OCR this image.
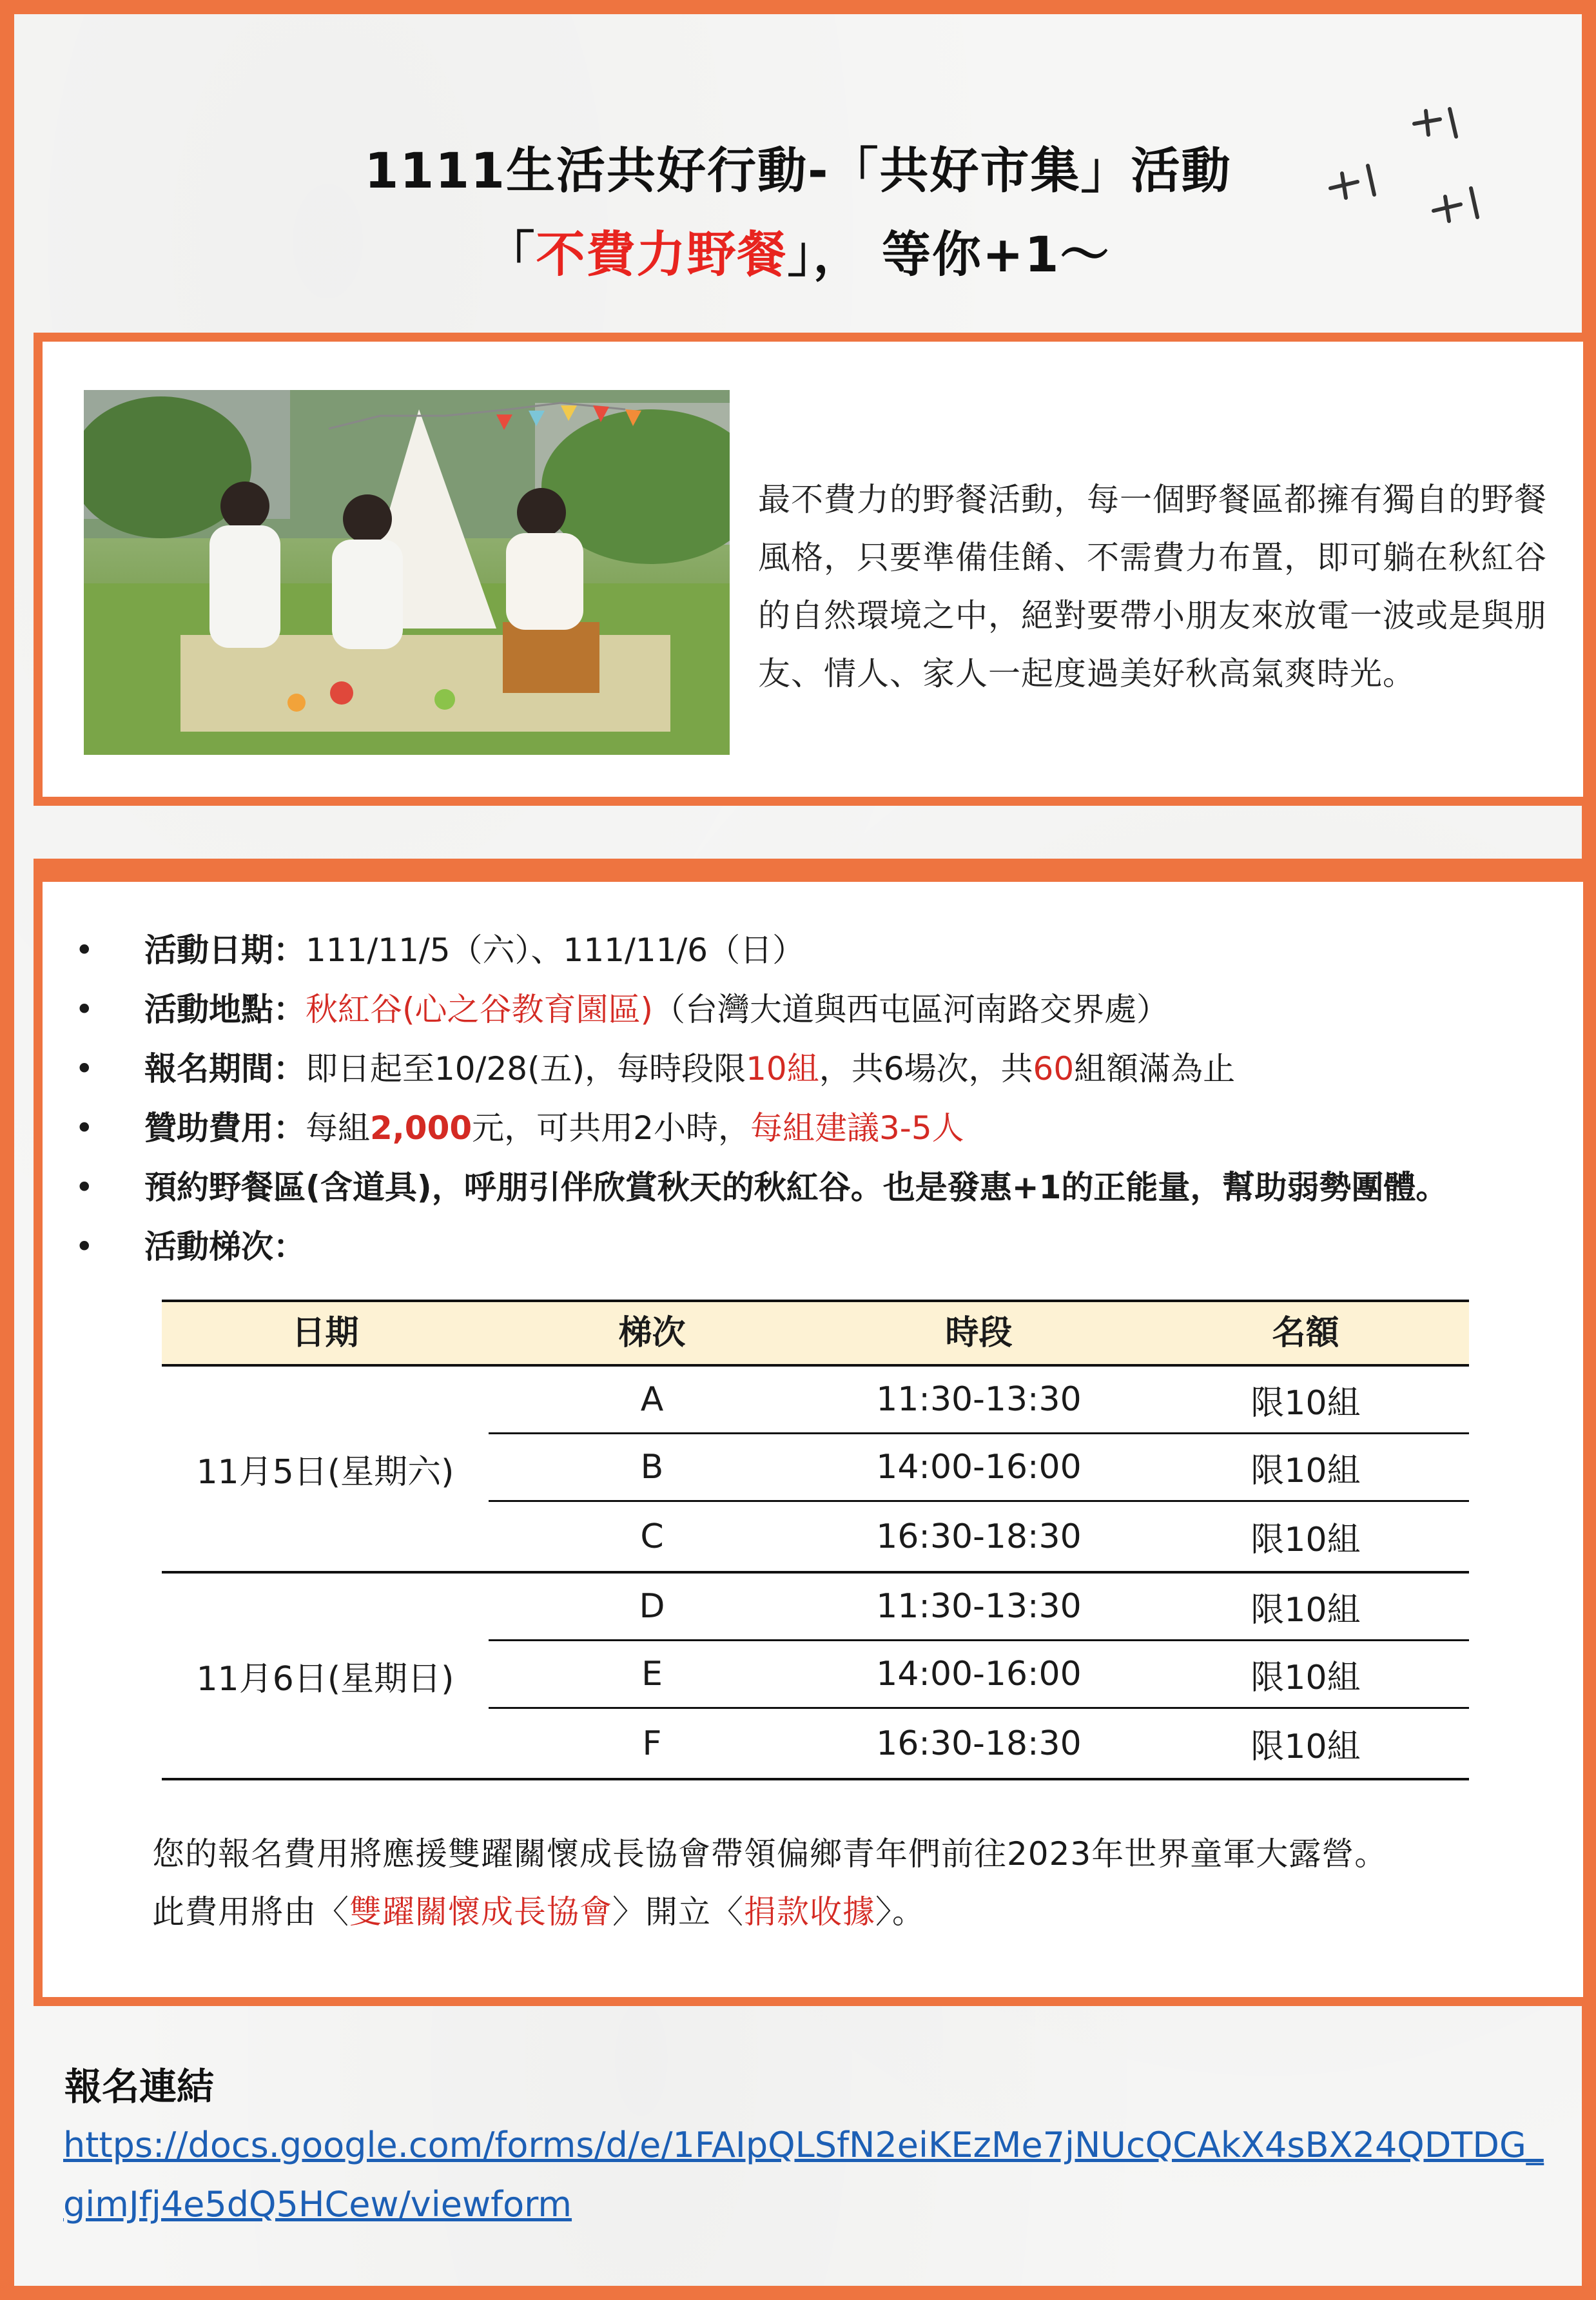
1111生活共好行動-「共好市集」活動
「不費力野餐」， 等你+1～
最不費力的野餐活動，每一個野餐區都擁有獨自的野餐風格，只要準備佳餚、不需費力布置，即可躺在秋紅谷的自然環境之中，絕對要帶小朋友來放電一波或是與朋友、情人、家人一起度過美好秋高氣爽時光。
• 活動日期：111/11/5（六）、111/11/6（日）
• 活動地點：秋紅谷(心之谷教育園區)（台灣大道與西屯區河南路交界處）
• 報名期間：即日起至10/28(五)，每時段限10組，共6場次，共60組額滿為止
• 贊助費用：每組2,000元，可共用2小時，每組建議3-5人
• 預約野餐區(含道具)，呼朋引伴欣賞秋天的秋紅谷。也是發惠+1的正能量，幫助弱勢團體。
• 活動梯次：
日期	梯次	時段	名額
11月5日(星期六)
A	11:30-13:30	限10組
B	14:00-16:00	限10組
C	16:30-18:30	限10組
11月6日(星期日)
D	11:30-13:30	限10組
E	14:00-16:00	限10組
F	16:30-18:30	限10組
您的報名費用將應援雙躍關懷成長協會帶領偏鄉青年們前往2023年世界童軍大露營。
此費用將由〈雙躍關懷成長協會〉開立〈捐款收據〉。
報名連結
https://docs.google.com/forms/d/e/1FAIpQLSfN2eiKEzMe7jNUcQCAkX4sBX24QDTDG_gimJfj4e5dQ5HCew/viewform
